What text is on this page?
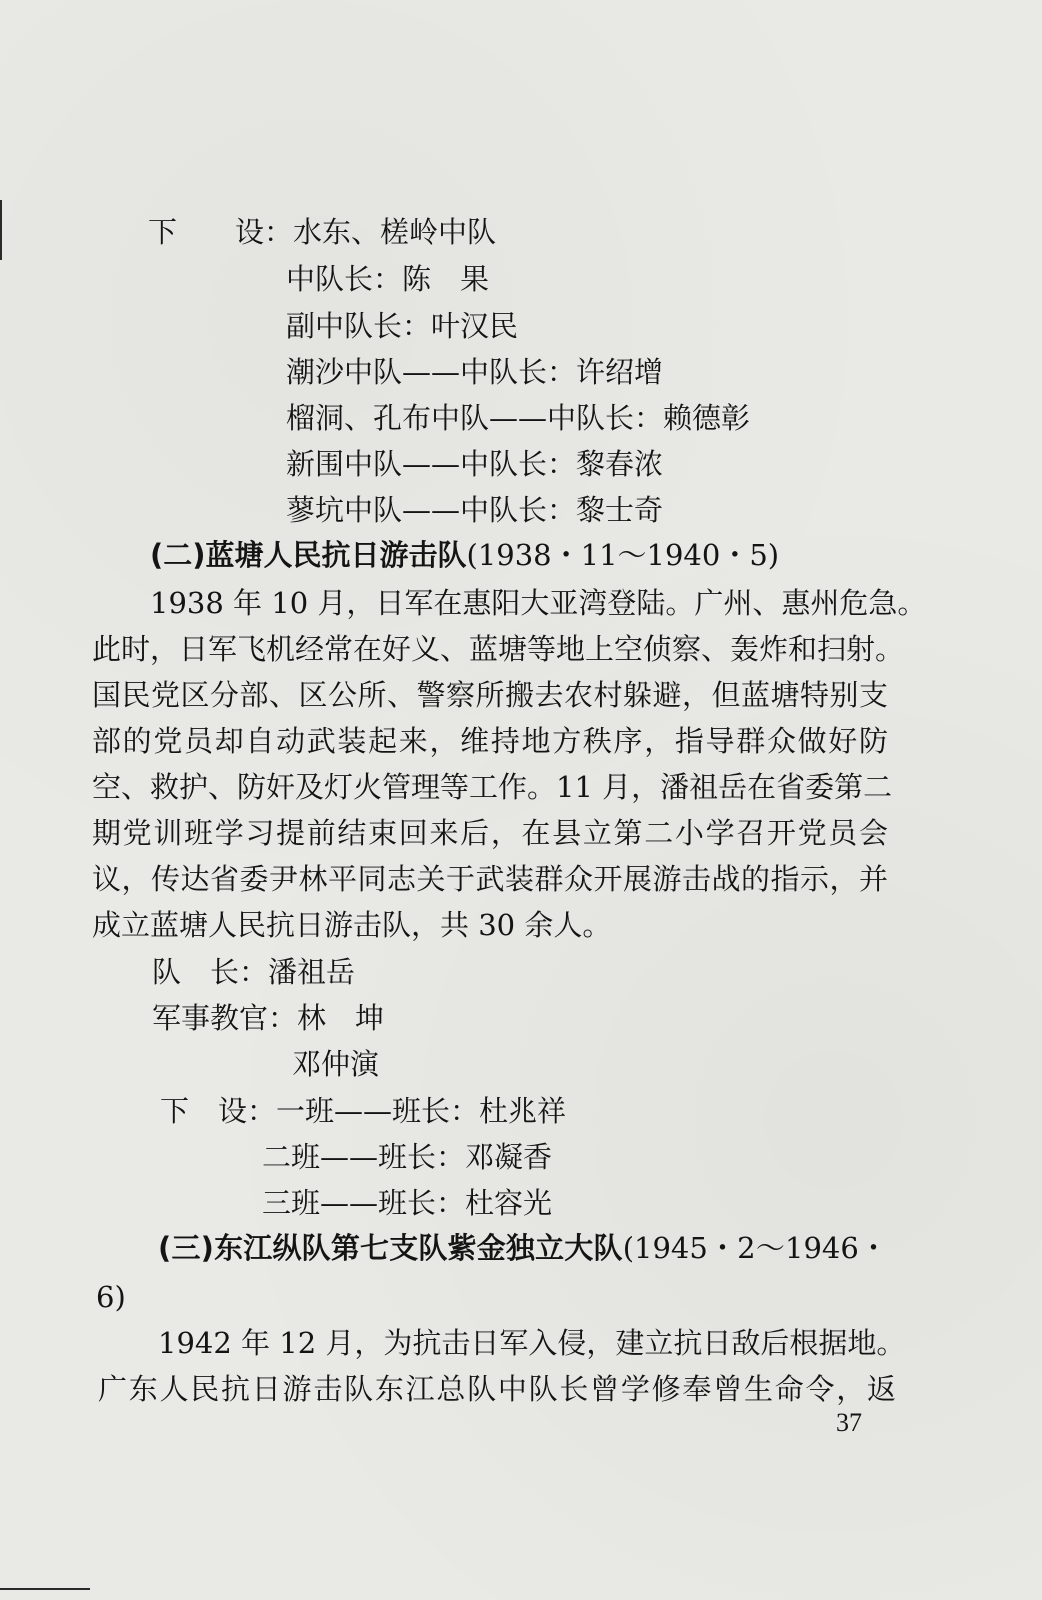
下　　设：水东、槎岭中队
中队长：陈　果
副中队长：叶汉民
潮沙中队——中队长：许绍增
榴洞、孔布中队——中队长：赖德彰
新围中队——中队长：黎春浓
蓼坑中队——中队长：黎士奇
(二)蓝塘人民抗日游击队(1938・11～1940・5)
1938 年 10 月，日军在惠阳大亚湾登陆。广州、惠州危急。
此时，日军飞机经常在好义、蓝塘等地上空侦察、轰炸和扫射。
国民党区分部、区公所、警察所搬去农村躲避，但蓝塘特别支
部的党员却自动武装起来，维持地方秩序，指导群众做好防
空、救护、防奸及灯火管理等工作。11 月，潘祖岳在省委第二
期党训班学习提前结束回来后，在县立第二小学召开党员会
议，传达省委尹林平同志关于武装群众开展游击战的指示，并
成立蓝塘人民抗日游击队，共 30 余人。
队　长：潘祖岳
军事教官：林　坤
邓仲演
下　设：一班——班长：杜兆祥
二班——班长：邓凝香
三班——班长：杜容光
(三)东江纵队第七支队紫金独立大队(1945・2～1946・
6)
1942 年 12 月，为抗击日军入侵，建立抗日敌后根据地。
广东人民抗日游击队东江总队中队长曾学修奉曾生命令，返
37
